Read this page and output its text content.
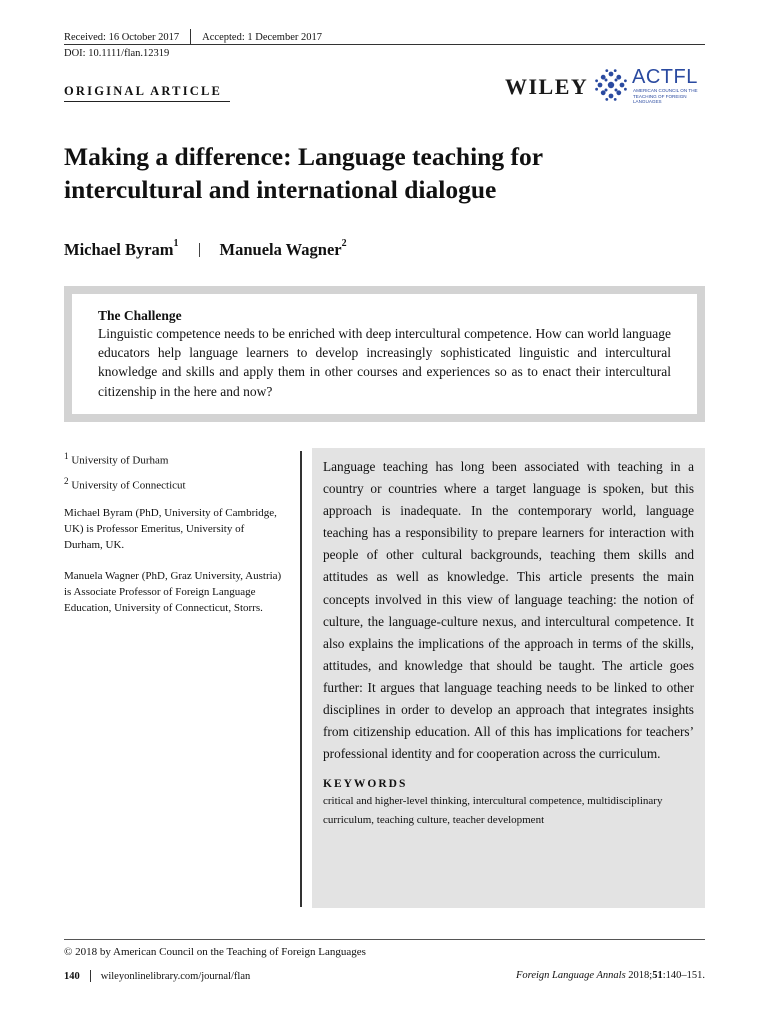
Received: 16 October 2017 Accepted: 1 December 2017
DOI: 10.1111/flan.12319
ORIGINAL ARTICLE	WILEY ACTFL
AMERICAN COUNCIL ON THE
TEACHING OF FOREIGN LANGUAGES
Making a difference: Language teaching for intercultural and international dialogue
Michael Byram$^1$ Manuela Wagner$^2$
The Challenge
Linguistic competence needs to be enriched with deep intercultural competence. How can world language educators help language learners to develop increasingly sophisticated linguistic and intercultural knowledge and skills and apply them in other courses and experiences so as to enact their intercultural citizenship in the here and now?

$^1$ University of Durham

$^2$ University of Connecticut

Michael Byram (PhD, University of Cambridge, UK) is Professor Emeritus, University of Durham, UK.

Manuela Wagner (PhD, Graz University, Austria) is Associate Professor of Foreign Language Education, University of Connecticut, Storrs.

Language teaching has long been associated with teaching in a country or countries where a target language is spoken, but this approach is inadequate. In the contemporary world, language teaching has a responsibility to prepare learners for interaction with people of other cultural backgrounds, teaching them skills and attitudes as well as knowledge. This article presents the main concepts involved in this view of language teaching: the notion of culture, the language-culture nexus, and intercultural competence. It also explains the implications of the approach in terms of the skills, attitudes, and knowledge that should be taught. The article goes further: It argues that language teaching needs to be linked to other disciplines in order to develop an approach that integrates insights from citizenship education. All of this has implications for teachers’ professional identity and for cooperation across the curriculum.
KEYWORDS
critical and higher-level thinking, intercultural competence, multidisciplinary curriculum, teaching culture, teacher development
© 2018 by American Council on the Teaching of Foreign Languages
140 wileyonlinelibrary.com/journal/flan	Foreign Language Annals 2018;51:140–151.
